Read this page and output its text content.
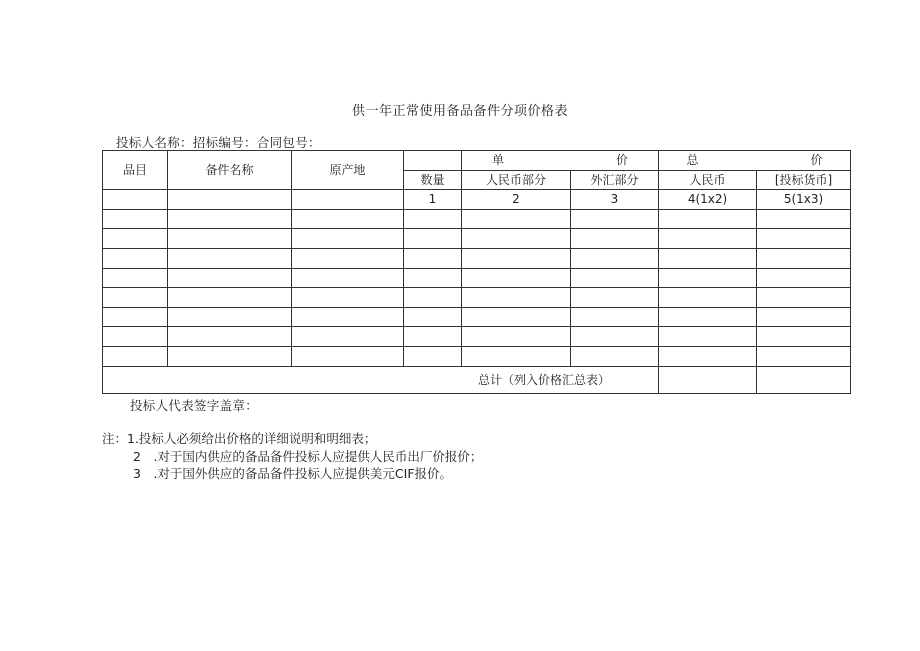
供一年正常使用备品备件分项价格表
投标人名称：招标编号：合同包号：
品目	备件名称	原产地		单 价		总 价	
			数量	人民币部分	外汇部分	人民币	[投标货币]
			1	2	3	4(1x2)	5(1x3)

总计（列入价格汇总表）							
投标人代表签字盖章：
注：1.投标人必须给出价格的详细说明和明细表；
2　.对于国内供应的备品备件投标人应提供人民币出厂价报价；
3　.对于国外供应的备品备件投标人应提供美元CIF报价。
